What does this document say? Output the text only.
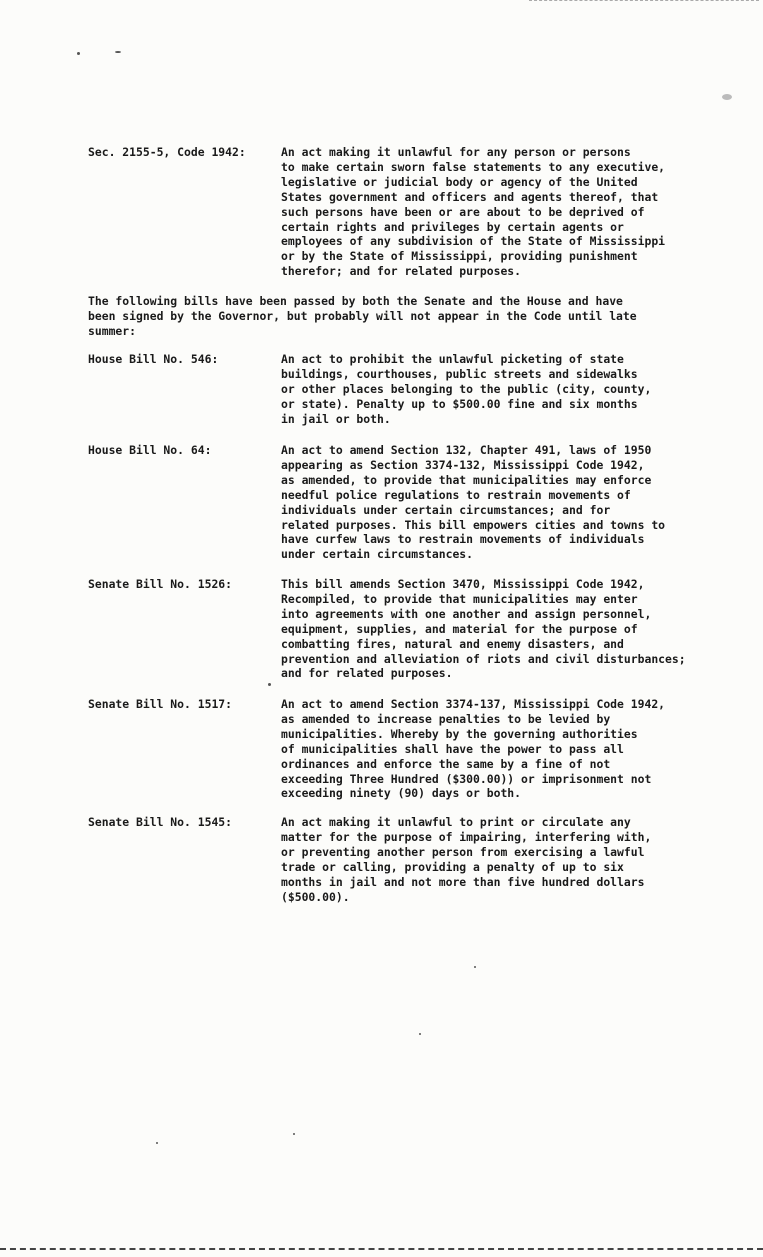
Sec. 2155-5, Code 1942:	An act making it unlawful for any person or persons
to make certain sworn false statements to any executive,
legislative or judicial body or agency of the United
States government and officers and agents thereof, that
such persons have been or are about to be deprived of
certain rights and privileges by certain agents or
employees of any subdivision of the State of Mississippi
or by the State of Mississippi, providing punishment
therefor; and for related purposes.
The following bills have been passed by both the Senate and the House and have
been signed by the Governor, but probably will not appear in the Code until late
summer:
House Bill No. 546:	An act to prohibit the unlawful picketing of state
buildings, courthouses, public streets and sidewalks
or other places belonging to the public (city, county,
or state). Penalty up to $500.00 fine and six months
in jail or both.
House Bill No. 64:	An act to amend Section 132, Chapter 491, laws of 1950
appearing as Section 3374-132, Mississippi Code 1942,
as amended, to provide that municipalities may enforce
needful police regulations to restrain movements of
individuals under certain circumstances; and for
related purposes. This bill empowers cities and towns to
have curfew laws to restrain movements of individuals
under certain circumstances.
Senate Bill No. 1526:	This bill amends Section 3470, Mississippi Code 1942,
Recompiled, to provide that municipalities may enter
into agreements with one another and assign personnel,
equipment, supplies, and material for the purpose of
combatting fires, natural and enemy disasters, and
prevention and alleviation of riots and civil disturbances;
and for related purposes.
Senate Bill No. 1517:	An act to amend Section 3374-137, Mississippi Code 1942,
as amended to increase penalties to be levied by
municipalities. Whereby by the governing authorities
of municipalities shall have the power to pass all
ordinances and enforce the same by a fine of not
exceeding Three Hundred ($300.00)) or imprisonment not
exceeding ninety (90) days or both.
Senate Bill No. 1545:	An act making it unlawful to print or circulate any
matter for the purpose of impairing, interfering with,
or preventing another person from exercising a lawful
trade or calling, providing a penalty of up to six
months in jail and not more than five hundred dollars
($500.00).
